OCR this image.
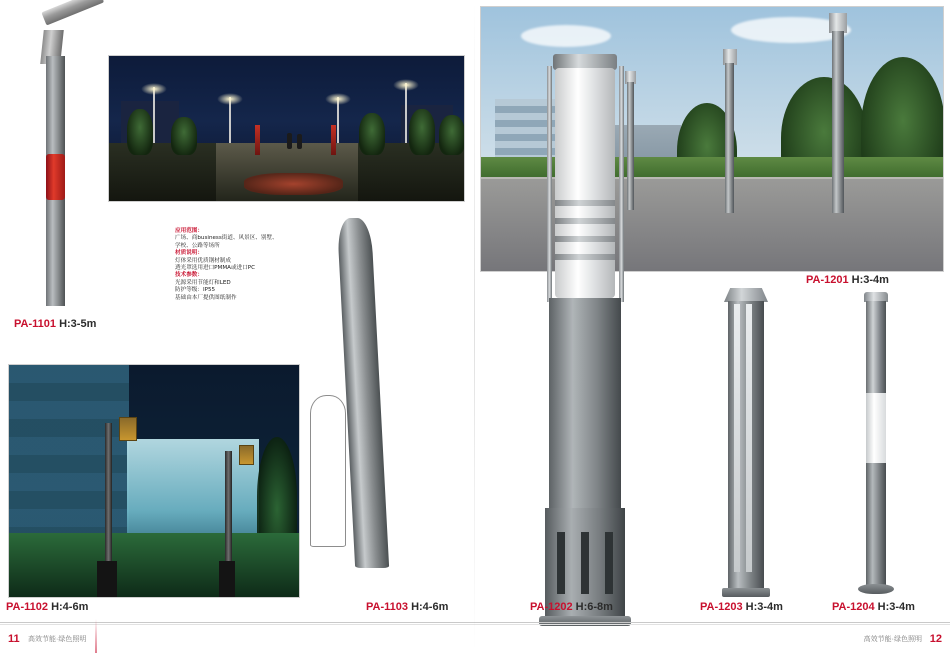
PA-1101 H:3-5m
应用范围：
广场、商business街道、风景区、别墅、
学校、公路等场所
材质说明：
灯体采用优质钢材制成
透光罩选用进口PMMA或进口PC
技术参数：
光源采用节能灯和LED
防护等级：IP55
基础由本厂提供图纸制作
PA-1102 H:4-6m	PA-1103 H:4-6m
PA-1201 H:3-4m
PA-1202 H:6-8m	PA-1203 H:3-4m	PA-1204 H:3-4m
11 高效节能·绿色照明	12
高效节能·绿色照明
